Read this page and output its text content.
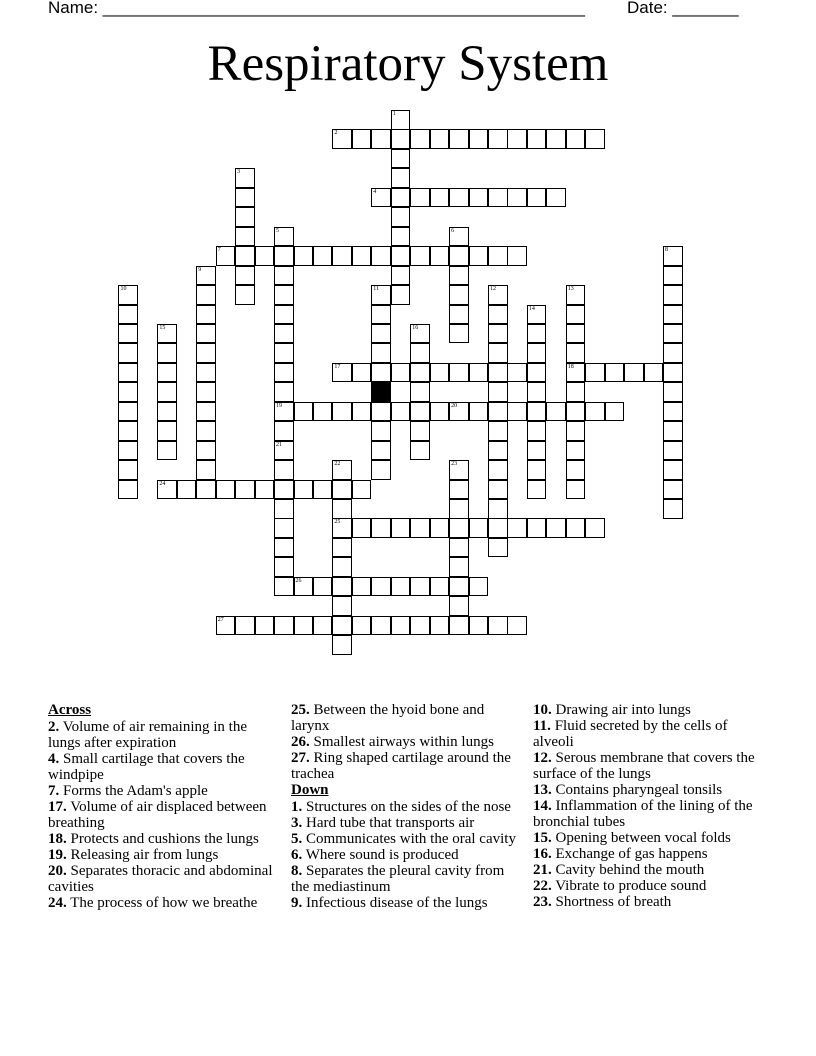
Name: ___________________________________________________ Date: _______
Respiratory System
1
2
3
4
5
19
21
6
7	8
9
10	11	12	13
18
14
15	16
17
20
22
25
23
24
26
27
Across
2. Volume of air remaining in the lungs after expiration
4. Small cartilage that covers the windpipe
7. Forms the Adam's apple
17. Volume of air displaced between breathing
18. Protects and cushions the lungs
19. Releasing air from lungs
20. Separates thoracic and abdominal cavities
24. The process of how we breathe
25. Between the hyoid bone and larynx
26. Smallest airways within lungs
27. Ring shaped cartilage around the trachea
Down
1. Structures on the sides of the nose
3. Hard tube that transports air
5. Communicates with the oral cavity
6. Where sound is produced
8. Separates the pleural cavity from the mediastinum
9. Infectious disease of the lungs
10. Drawing air into lungs
11. Fluid secreted by the cells of alveoli
12. Serous membrane that covers the surface of the lungs
13. Contains pharyngeal tonsils
14. Inflammation of the lining of the bronchial tubes
15. Opening between vocal folds
16. Exchange of gas happens
21. Cavity behind the mouth
22. Vibrate to produce sound
23. Shortness of breath
